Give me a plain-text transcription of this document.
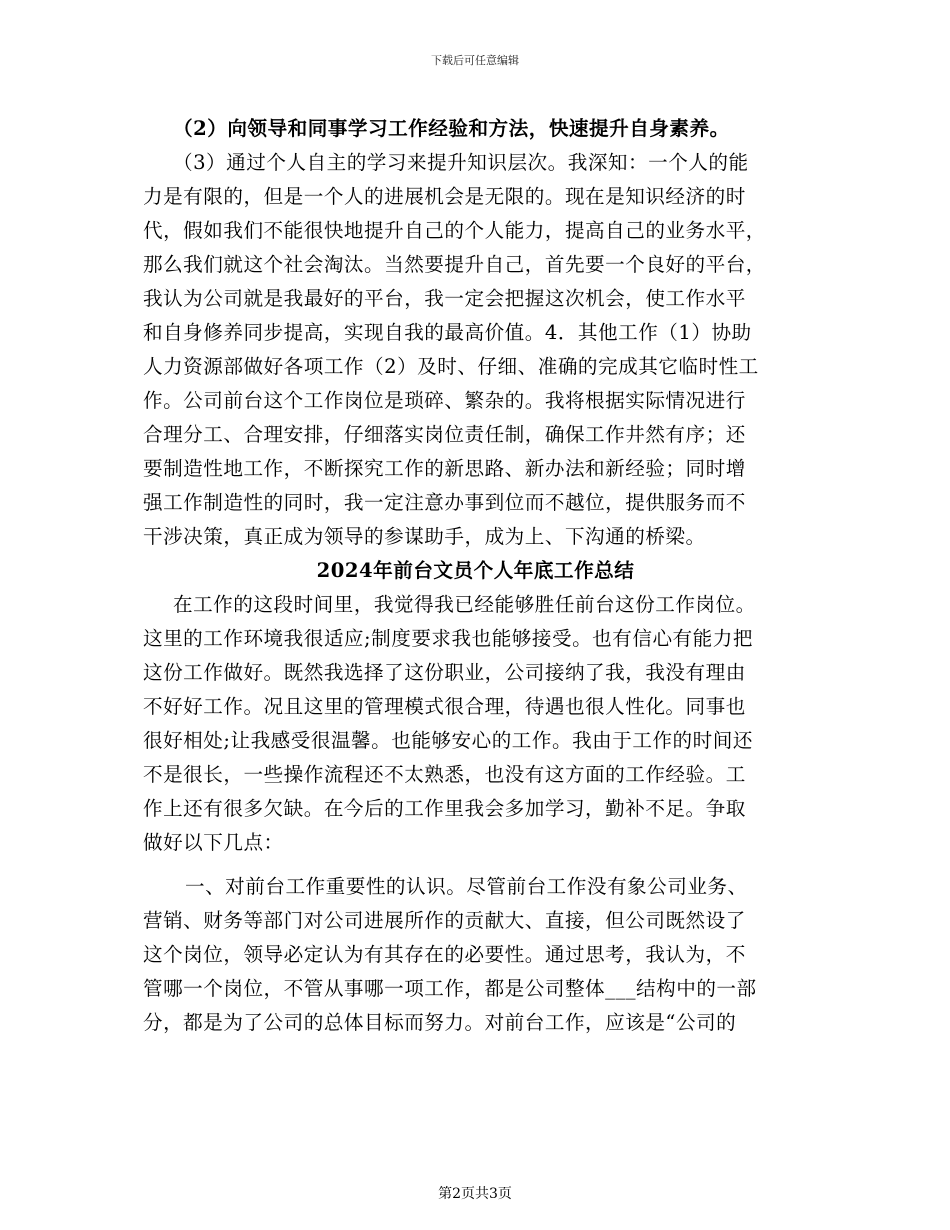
下载后可任意编辑
（2）向领导和同事学习工作经验和方法，快速提升自身素养。
（3）通过个人自主的学习来提升知识层次。我深知：一个人的能
力是有限的，但是一个人的进展机会是无限的。现在是知识经济的时
代，假如我们不能很快地提升自己的个人能力，提高自己的业务水平，
那么我们就这个社会淘汰。当然要提升自己，首先要一个良好的平台，
我认为公司就是我最好的平台，我一定会把握这次机会，使工作水平
和自身修养同步提高，实现自我的最高价值。4．其他工作（1）协助
人力资源部做好各项工作（2）及时、仔细、准确的完成其它临时性工
作。公司前台这个工作岗位是琐碎、繁杂的。我将根据实际情况进行
合理分工、合理安排，仔细落实岗位责任制，确保工作井然有序；还
要制造性地工作，不断探究工作的新思路、新办法和新经验；同时增
强工作制造性的同时，我一定注意办事到位而不越位，提供服务而不
干涉决策，真正成为领导的参谋助手，成为上、下沟通的桥梁。
2024年前台文员个人年底工作总结
在工作的这段时间里，我觉得我已经能够胜任前台这份工作岗位。
这里的工作环境我很适应;制度要求我也能够接受。也有信心有能力把
这份工作做好。既然我选择了这份职业，公司接纳了我，我没有理由
不好好工作。况且这里的管理模式很合理，待遇也很人性化。同事也
很好相处;让我感受很温馨。也能够安心的工作。我由于工作的时间还
不是很长，一些操作流程还不太熟悉，也没有这方面的工作经验。工
作上还有很多欠缺。在今后的工作里我会多加学习，勤补不足。争取
做好以下几点：
一、对前台工作重要性的认识。尽管前台工作没有象公司业务、
营销、财务等部门对公司进展所作的贡献大、直接，但公司既然设了
这个岗位，领导必定认为有其存在的必要性。通过思考，我认为，不
管哪一个岗位，不管从事哪一项工作，都是公司整体___结构中的一部
分，都是为了公司的总体目标而努力。对前台工作，应该是“公司的
第2页共3页
